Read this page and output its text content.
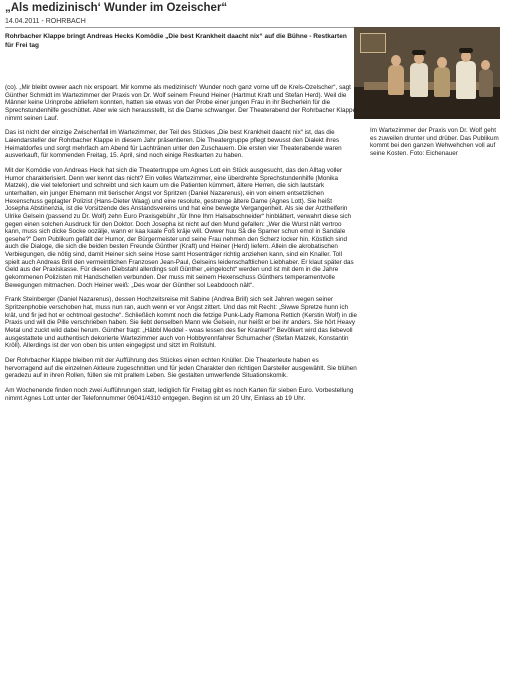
„Als medizinisch‘ Wunder im Ozeischer“
14.04.2011 - ROHRBACH
Rohrbacher Klappe bringt Andreas Hecks Komödie „Die best Krankheit daacht nix“ auf die Bühne - Restkarten für Frei tag
Im Wartezimmer der Praxis von Dr. Wolf geht es zuweilen drunter und drüber. Das Publikum kommt bei den ganzen Wehwehchen voll auf seine Kosten. Foto: Eichenauer

(co). „Mir bleibt owwer aach nix erspoart. Mir komme als medizinisch‘ Wunder noch ganz vorne uff de Krels-Ozelscher“, sagt Günther Schmidt im Wartezimmer der Praxis von Dr. Wolf seinem Freund Heiner (Hartmut Kraft und Stefan Herd). Weil die Männer keine Urinprobe abliefern konnten, hatten sie etwas von der Probe einer jungen Frau in ihr Becherlein für die Sprechstundenhilfe geschüttet. Aber wie sich herausstellt, ist die Dame schwanger. Der Theaterabend der Rohrbacher Klappe nimmt seinen Lauf.

Das ist nicht der einzige Zwischenfall im Wartezimmer, der Teil des Stückes „Die best Krankheit daacht nix“ ist, das die Laiendarsteller der Rohrbacher Klappe in diesem Jahr präsentieren. Die Theatergruppe pflegt bewusst den Dialekt ihres Heimatdorfes und sorgt mehrfach am Abend für Lachtränen unter den Zuschauern. Die ersten vier Theaterabende waren ausverkauft, für kommenden Freitag, 15. April, sind noch einige Restkarten zu haben.

Mit der Komödie von Andreas Heck hat sich die Theatertruppe um Agnes Lott ein Stück ausgesucht, das den Alltag voller Humor charakterisiert. Denn wer kennt das nicht? Ein volles Wartezimmer, eine überdrehte Sprechstundenhilfe (Monika Matzek), die viel telefoniert und schreibt und sich kaum um die Patienten kümmert, ältere Herren, die sich lautstark unterhalten, ein junger Ehemann mit tierischer Angst vor Spritzen (Daniel Nazarenus), ein von einem entsetzlichen Hexenschuss geplagter Polizist (Hans-Dieter Waag) und eine resolute, gestrenge ältere Dame (Agnes Lott). Sie heißt Josepha Abstinenzia, ist die Vorsitzende des Anstandsvereins und hat eine bewegte Vergangenheit. Als sie der Arzthelferin Ulrike Gelsein (passend zu Dr. Wolf) zehn Euro Praxisgebühr „für Ihne Ihrn Halsabschneider“ hinblättert, verwahrt diese sich gegen einen solchen Ausdruck für den Doktor. Doch Josepha ist nicht auf den Mund gefallen: „Wer die Wurst nält vertroo kann, muss sich dicke Socke oozälje, wann er kaa kaale Foß kräje will. Owwer huu Sä die Spamer schun emol in Sandale gesehe?“ Dem Publikum gefällt der Humor, der Bürgermeister und seine Frau nehmen den Scherz locker hin. Köstlich sind auch die Dialoge, die sich die beiden besten Freunde Günther (Kraft) und Heiner (Herd) liefern. Allein die akrobatischen Verbiegungen, die nötig sind, damit Heiner sich seine Hose samt Hosenträger richtig anziehen kann, sind ein Knaller. Toll spielt auch Andreas Brill den vermeintlichen Franzosen Jean-Paul, Gelseins leidenschaftlichen Liebhaber. Er klaut später das Geld aus der Praxiskasse. Für diesen Diebstahl allerdings soll Günther „eingelocht“ werden und ist mit dem in die Jahre gekommenen Polizisten mit Handschellen verbunden. Der muss mit seinem Hexenschuss Günthers temperamentvolle Bewegungen mitmachen. Doch Heiner weiß: „Des woar der Günther sol Leabdooch nält“.

Frank Steinberger (Daniel Nazarenus), dessen Hochzeitsreise mit Sabine (Andrea Brill) sich seit Jahren wegen seiner Spritzenphobie verschoben hat, muss nun ran, auch wenn er vor Angst zittert. Und das mit Recht: „Siwwe Spretze hunn ich krät, und fir jed hot er ochtmoal gestoche“. Schließlich kommt noch die fetzige Punk-Lady Ramona Rettich (Kerstin Wolf) in die Praxis und will die Pille verschrieben haben. Sie liebt denselben Mann wie Gelsein, nur heißt er bei ihr anders. Sie hört Heavy Metal und zuckt wild dabei herum. Günther fragt: „Häbbl Meddel - woas lessen des fier Krankel?“ Bevölkert wird das liebevoll ausgestattete und authentisch dekorierte Wartezimmer auch von Hobbyrennfahrer Schumacher (Stefan Matzek, Konstantin Kröll). Allerdings ist der von oben bis unten eingegipst und sitzt im Rollstuhl.

Der Rohrbacher Klappe bleiben mit der Aufführung des Stückes einen echten Knüller. Die Theaterleute haben es hervorragend auf die einzelnen Akteure zugeschnitten und für jeden Charakter den richtigen Darsteller ausgewählt. Sie blühen geradezu auf in ihren Rollen, füllen sie mit prallem Leben. Sie gestalten umwerfende Situationskomik.

Am Wochenende finden noch zwei Aufführungen statt, lediglich für Freitag gibt es noch Karten für sieben Euro. Vorbestellung nimmt Agnes Lott unter der Telefonnummer 06041/4310 entgegen. Beginn ist um 20 Uhr, Einlass ab 19 Uhr.
